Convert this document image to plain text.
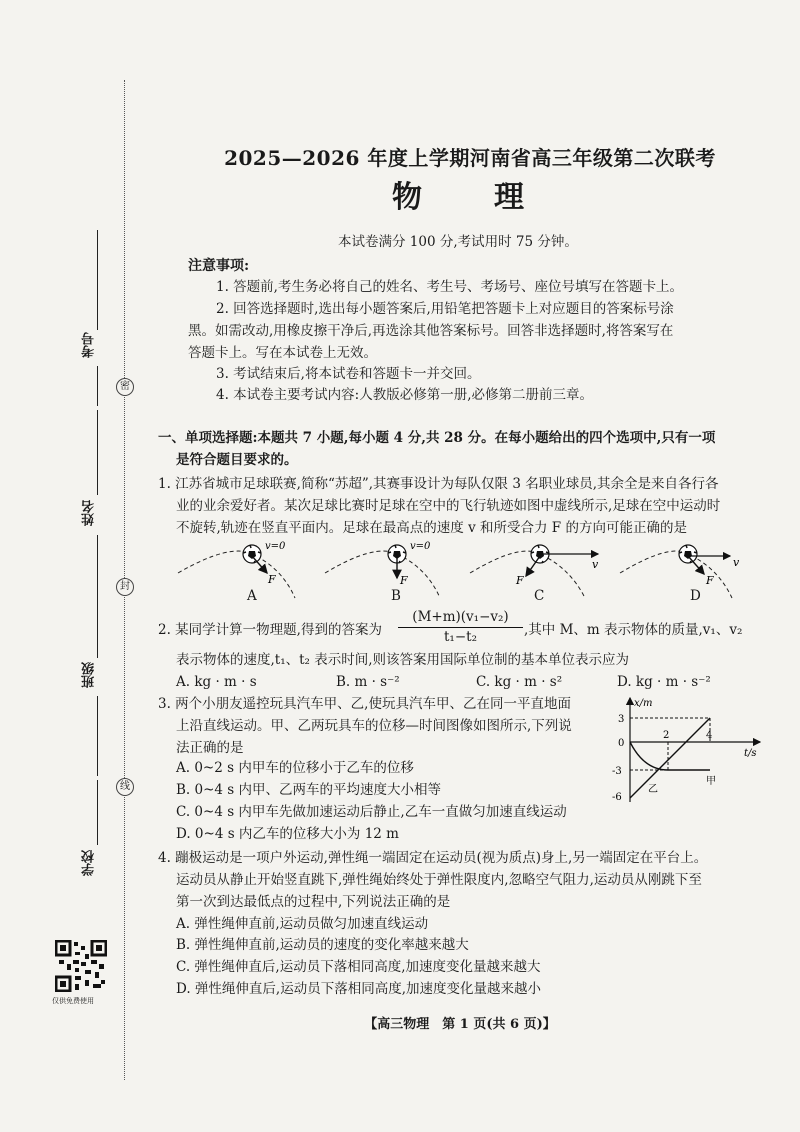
考号
姓名
班级
学校
密
封
线
仅供免费使用
2025—2026 年度上学期河南省高三年级第二次联考
物　　理
本试卷满分 100 分,考试用时 75 分钟。
注意事项:
1. 答题前,考生务必将自己的姓名、考生号、考场号、座位号填写在答题卡上。
2. 回答选择题时,选出每小题答案后,用铅笔把答题卡上对应题目的答案标号涂
黑。如需改动,用橡皮擦干净后,再选涂其他答案标号。回答非选择题时,将答案写在
答题卡上。写在本试卷上无效。
3. 考试结束后,将本试卷和答题卡一并交回。
4. 本试卷主要考试内容:人教版必修第一册,必修第二册前三章。
一、单项选择题:本题共 7 小题,每小题 4 分,共 28 分。在每小题给出的四个选项中,只有一项
是符合题目要求的。
1. 江苏省城市足球联赛,简称“苏超”,其赛事设计为每队仅限 3 名职业球员,其余全是来自各行各
业的业余爱好者。某次足球比赛时足球在空中的飞行轨迹如图中虚线所示,足球在空中运动时
不旋转,轨迹在竖直平面内。足球在最高点的速度 v 和所受合力 F 的方向可能正确的是
F
v=0
F
v=0
F
v
F
v
A	B	C	D
2. 某同学计算一物理题,得到的答案为 $\frac{\text{(M+m)(v₁−v₂)}}{\text{t₁−t₂}}$ ,其中 M、m 表示物体的质量,v₁、v₂
表示物体的速度,t₁、t₂ 表示时间,则该答案用国际单位制的基本单位表示应为
A. kg · m · s	B. m · s⁻²	C. kg · m · s²	D. kg · m · s⁻²
3. 两个小朋友遥控玩具汽车甲、乙,使玩具汽车甲、乙在同一平直地面
上沿直线运动。甲、乙两玩具车的位移—时间图像如图所示,下列说
法正确的是
A. 0~2 s 内甲车的位移小于乙车的位移
B. 0~4 s 内甲、乙两车的平均速度大小相等
C. 0~4 s 内甲车先做加速运动后静止,乙车一直做匀加速直线运动
D. 0~4 s 内乙车的位移大小为 12 m
x/m
t/s
3
0
-3
-6
2	4
甲
乙
4. 蹦极运动是一项户外运动,弹性绳一端固定在运动员(视为质点)身上,另一端固定在平台上。
运动员从静止开始竖直跳下,弹性绳始终处于弹性限度内,忽略空气阻力,运动员从刚跳下至
第一次到达最低点的过程中,下列说法正确的是
A. 弹性绳伸直前,运动员做匀加速直线运动
B. 弹性绳伸直前,运动员的速度的变化率越来越大
C. 弹性绳伸直后,运动员下落相同高度,加速度变化量越来越大
D. 弹性绳伸直后,运动员下落相同高度,加速度变化量越来越小
【高三物理　第 1 页(共 6 页)】
